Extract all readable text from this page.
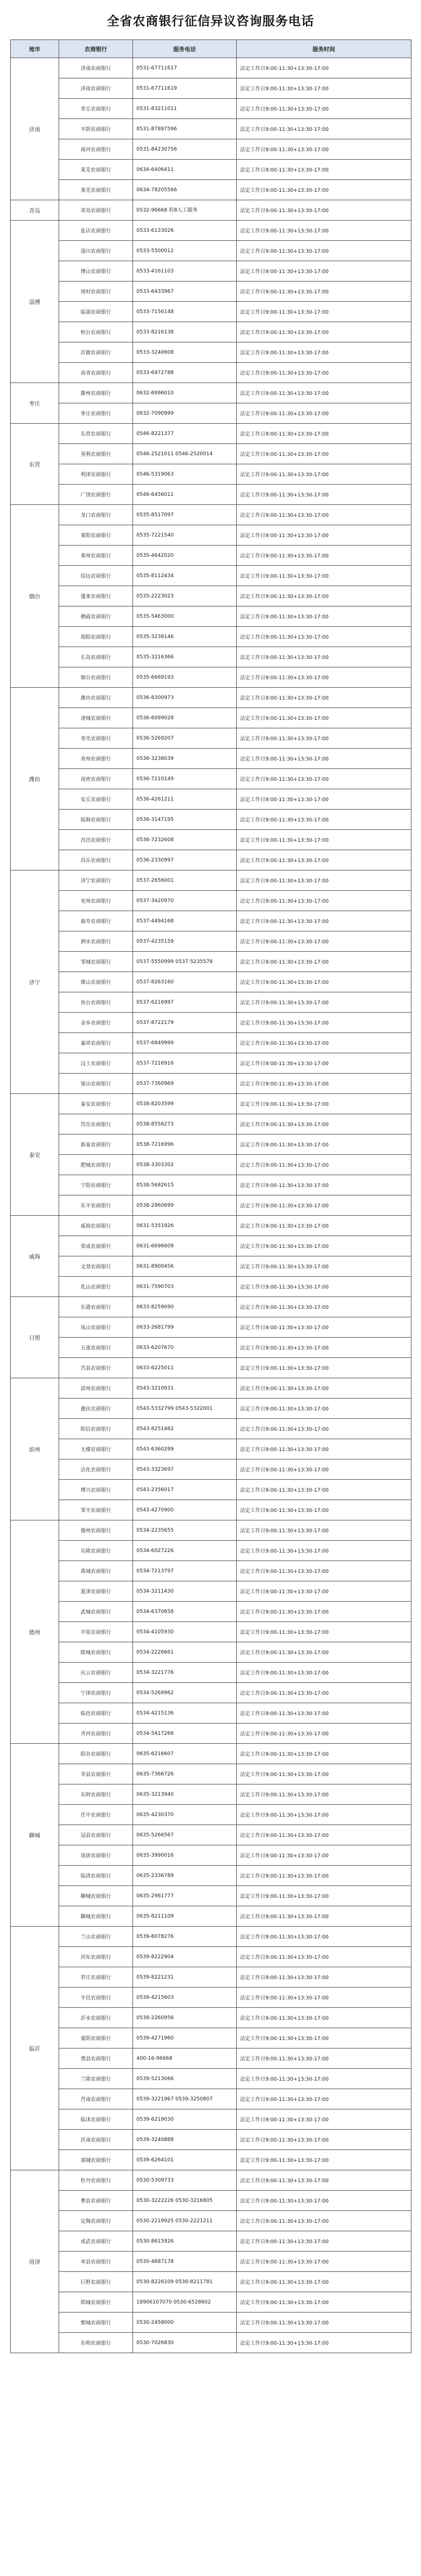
全省农商银行征信异议咨询服务电话
地市	农商银行	服务电话	服务时间
济南	济南农商银行	0531-67711617	法定工作日9:00-11:30+13:30-17:00
	济南农商银行	0531-67711619	法定工作日9:00-11:30+13:30-17:00
	章丘农商银行	0531-83211011	法定工作日9:00-11:30+13:30-17:00
	平阴农商银行	0531-87897596	法定工作日9:00-11:30+13:30-17:00
	商河农商银行	0531-84230756	法定工作日9:00-11:30+13:30-17:00
	莱芜农商银行	0634-6406411	法定工作日9:00-11:30+13:30-17:00
	莱芜农商银行	0634-78205566	法定工作日9:00-11:30+13:30-17:00
青岛	青岛农商银行	0532-96668 转8人工服务	法定工作日9:00-11:30+13:30-17:00
淄博	张店农商银行	0533-6133026	法定工作日9:00-11:30+13:30-17:00
	淄川农商银行	0533-5500012	法定工作日9:00-11:30+13:30-17:00
	博山农商银行	0533-4161103	法定工作日9:00-11:30+13:30-17:00
	周村农商银行	0533-6433967	法定工作日9:00-11:30+13:30-17:00
	临淄农商银行	0533-7156148	法定工作日9:00-11:30+13:30-17:00
	桓台农商银行	0533-8216138	法定工作日9:00-11:30+13:30-17:00
	沂源农商银行	0533-3240608	法定工作日9:00-11:30+13:30-17:00
	高青农商银行	0533-6972788	法定工作日9:00-11:30+13:30-17:00
枣庄	滕州农商银行	0632-6996010	法定工作日9:00-11:30+13:30-17:00
	枣庄农商银行	0632-7090999	法定工作日9:00-11:30+13:30-17:00
东营	东营农商银行	0546-8221377	法定工作日9:00-11:30+13:30-17:00
	垦利农商银行	0546-2521011 0546-2520014	法定工作日9:00-11:30+13:30-17:00
	利津农商银行	0546-5319063	法定工作日9:00-11:30+13:30-17:00
	广饶农商银行	0546-6456011	法定工作日9:00-11:30+13:30-17:00
烟台	龙口农商银行	0535-8517097	法定工作日9:00-11:30+13:30-17:00
	莱阳农商银行	0535-7221540	法定工作日9:00-11:30+13:30-17:00
	莱州农商银行	0535-4642020	法定工作日9:00-11:30+13:30-17:00
	招远农商银行	0535-8112434	法定工作日9:00-11:30+13:30-17:00
	蓬莱农商银行	0535-2223023	法定工作日9:00-11:30+13:30-17:00
	栖霞农商银行	0535-5463000	法定工作日9:00-11:30+13:30-17:00
	海阳农商银行	0535-3238146	法定工作日9:00-11:30+13:30-17:00
	长岛农商银行	0535-3216366	法定工作日9:00-11:30+13:30-17:00
	烟台农商银行	0535-6669193	法定工作日9:00-11:30+13:30-17:00
潍坊	潍坊农商银行	0536-8300973	法定工作日9:00-11:30+13:30-17:00
	诸城农商银行	0536-6099028	法定工作日9:00-11:30+13:30-17:00
	寿光农商银行	0536-5269207	法定工作日9:00-11:30+13:30-17:00
	青州农商银行	0536-3238039	法定工作日9:00-11:30+13:30-17:00
	高密农商银行	0536-7210149	法定工作日9:00-11:30+13:30-17:00
	安丘农商银行	0536-4261211	法定工作日9:00-11:30+13:30-17:00
	临朐农商银行	0536-3147195	法定工作日9:00-11:30+13:30-17:00
	昌邑农商银行	0536-7232608	法定工作日9:00-11:30+13:30-17:00
	昌乐农商银行	0536-2330997	法定工作日9:00-11:30+13:30-17:00
济宁	济宁农商银行	0537-2656001	法定工作日9:00-11:30+13:30-17:00
	兖州农商银行	0537-3420970	法定工作日9:00-11:30+13:30-17:00
	曲阜农商银行	0537-4494168	法定工作日9:00-11:30+13:30-17:00
	泗水农商银行	0537-4235159	法定工作日9:00-11:30+13:30-17:00
	邹城农商银行	0537-5550999 0537-5235578	法定工作日9:00-11:30+13:30-17:00
	微山农商银行	0537-8263160	法定工作日9:00-11:30+13:30-17:00
	鱼台农商银行	0537-6216997	法定工作日9:00-11:30+13:30-17:00
	金乡农商银行	0537-8722179	法定工作日9:00-11:30+13:30-17:00
	嘉祥农商银行	0537-6849999	法定工作日9:00-11:30+13:30-17:00
	汶上农商银行	0537-7216916	法定工作日9:00-11:30+13:30-17:00
	梁山农商银行	0537-7360969	法定工作日9:00-11:30+13:30-17:00
泰安	泰安农商银行	0538-8203599	法定工作日9:00-11:30+13:30-17:00
	岱岳农商银行	0538-8556273	法定工作日9:00-11:30+13:30-17:00
	新泰农商银行	0538-7216996	法定工作日9:00-11:30+13:30-17:00
	肥城农商银行	0538-3303302	法定工作日9:00-11:30+13:30-17:00
	宁阳农商银行	0538-5682615	法定工作日9:00-11:30+13:30-17:00
	东平农商银行	0538-2860699	法定工作日9:00-11:30+13:30-17:00
威海	威海农商银行	0631-5351926	法定工作日9:00-11:30+13:30-17:00
	荣成农商银行	0631-6696609	法定工作日9:00-11:30+13:30-17:00
	文登农商银行	0631-8900456	法定工作日9:00-11:30+13:30-17:00
	乳山农商银行	0631-7590703	法定工作日9:00-11:30+13:30-17:00
日照	东港农商银行	0633-8259090	法定工作日9:00-11:30+13:30-17:00
	岚山农商银行	0633-2681799	法定工作日9:00-11:30+13:30-17:00
	五莲农商银行	0633-6207670	法定工作日9:00-11:30+13:30-17:00
	莒县农商银行	0633-6225011	法定工作日9:00-11:30+13:30-17:00
滨州	滨州农商银行	0543-3210931	法定工作日9:00-11:30+13:30-17:00
	惠民农商银行	0543-5332799 0543-5322001	法定工作日9:00-11:30+13:30-17:00
	阳信农商银行	0543-8251482	法定工作日9:00-11:30+13:30-17:00
	无棣农商银行	0543-6360299	法定工作日9:00-11:30+13:30-17:00
	沾化农商银行	0543-3323697	法定工作日9:00-11:30+13:30-17:00
	博兴农商银行	0543-2356017	法定工作日9:00-11:30+13:30-17:00
	邹平农商银行	0543-4270900	法定工作日9:00-11:30+13:30-17:00
德州	德州农商银行	0534-2235655	法定工作日9:00-11:30+13:30-17:00
	乐陵农商银行	0534-6027226	法定工作日9:00-11:30+13:30-17:00
	禹城农商银行	0534-7213797	法定工作日9:00-11:30+13:30-17:00
	夏津农商银行	0534-3211430	法定工作日9:00-11:30+13:30-17:00
	武城农商银行	0534-6370658	法定工作日9:00-11:30+13:30-17:00
	平原农商银行	0534-4105930	法定工作日9:00-11:30+13:30-17:00
	陵城农商银行	0534-2226661	法定工作日9:00-11:30+13:30-17:00
	庆云农商银行	0534-3221776	法定工作日9:00-11:30+13:30-17:00
	宁津农商银行	0534-5269962	法定工作日9:00-11:30+13:30-17:00
	临邑农商银行	0534-4215136	法定工作日9:00-11:30+13:30-17:00
	齐河农商银行	0534-5417266	法定工作日9:00-11:30+13:30-17:00
聊城	阳谷农商银行	0635-6216607	法定工作日9:00-11:30+13:30-17:00
	莘县农商银行	0635-7366726	法定工作日9:00-11:30+13:30-17:00
	东阿农商银行	0635-3213940	法定工作日9:00-11:30+13:30-17:00
	茌平农商银行	0635-4230370	法定工作日9:00-11:30+13:30-17:00
	冠县农商银行	0635-5266567	法定工作日9:00-11:30+13:30-17:00
	高唐农商银行	0635-3990016	法定工作日9:00-11:30+13:30-17:00
	临清农商银行	0635-2336789	法定工作日9:00-11:30+13:30-17:00
	聊城农商银行	0635-2961777	法定工作日9:00-11:30+13:30-17:00
	聊城农商银行	0635-8211109	法定工作日9:00-11:30+13:30-17:00
临沂	兰山农商银行	0539-8078276	法定工作日9:00-11:30+13:30-17:00
	河东农商银行	0539-8222904	法定工作日9:00-11:30+13:30-17:00
	罗庄农商银行	0539-8221231	法定工作日9:00-11:30+13:30-17:00
	平邑农商银行	0539-4215603	法定工作日9:00-11:30+13:30-17:00
	沂水农商银行	0539-2260956	法定工作日9:00-11:30+13:30-17:00
	蒙阴农商银行	0539-4271960	法定工作日9:00-11:30+13:30-17:00
	费县农商银行	400-16-96668	法定工作日9:00-11:30+13:30-17:00
	兰陵农商银行	0539-5213066	法定工作日9:00-11:30+13:30-17:00
	莒南农商银行	0539-3221967 0539-3250807	法定工作日9:00-11:30+13:30-17:00
	临沭农商银行	0539-6219030	法定工作日9:00-11:30+13:30-17:00
	沂南农商银行	0539-3240888	法定工作日9:00-11:30+13:30-17:00
	郯城农商银行	0539-6264101	法定工作日9:00-11:30+13:30-17:00
菏泽	牡丹农商银行	0530-5309733	法定工作日9:00-11:30+13:30-17:00
	曹县农商银行	0530-3222226 0530-3216805	法定工作日9:00-11:30+13:30-17:00
	定陶农商银行	0530-2219925 0530-2221211	法定工作日9:00-11:30+13:30-17:00
	成武农商银行	0530-8615926	法定工作日9:00-11:30+13:30-17:00
	单县农商银行	0530-4687178	法定工作日9:00-11:30+13:30-17:00
	巨野农商银行	0530-8226109 0530-8211781	法定工作日9:00-11:30+13:30-17:00
	郓城农商银行	18906107070 0530-6528602	法定工作日9:00-11:30+13:30-17:00
	鄄城农商银行	0530-2458000	法定工作日9:00-11:30+13:30-17:00
	东明农商银行	0530-7026830	法定工作日9:00-11:30+13:30-17:00
